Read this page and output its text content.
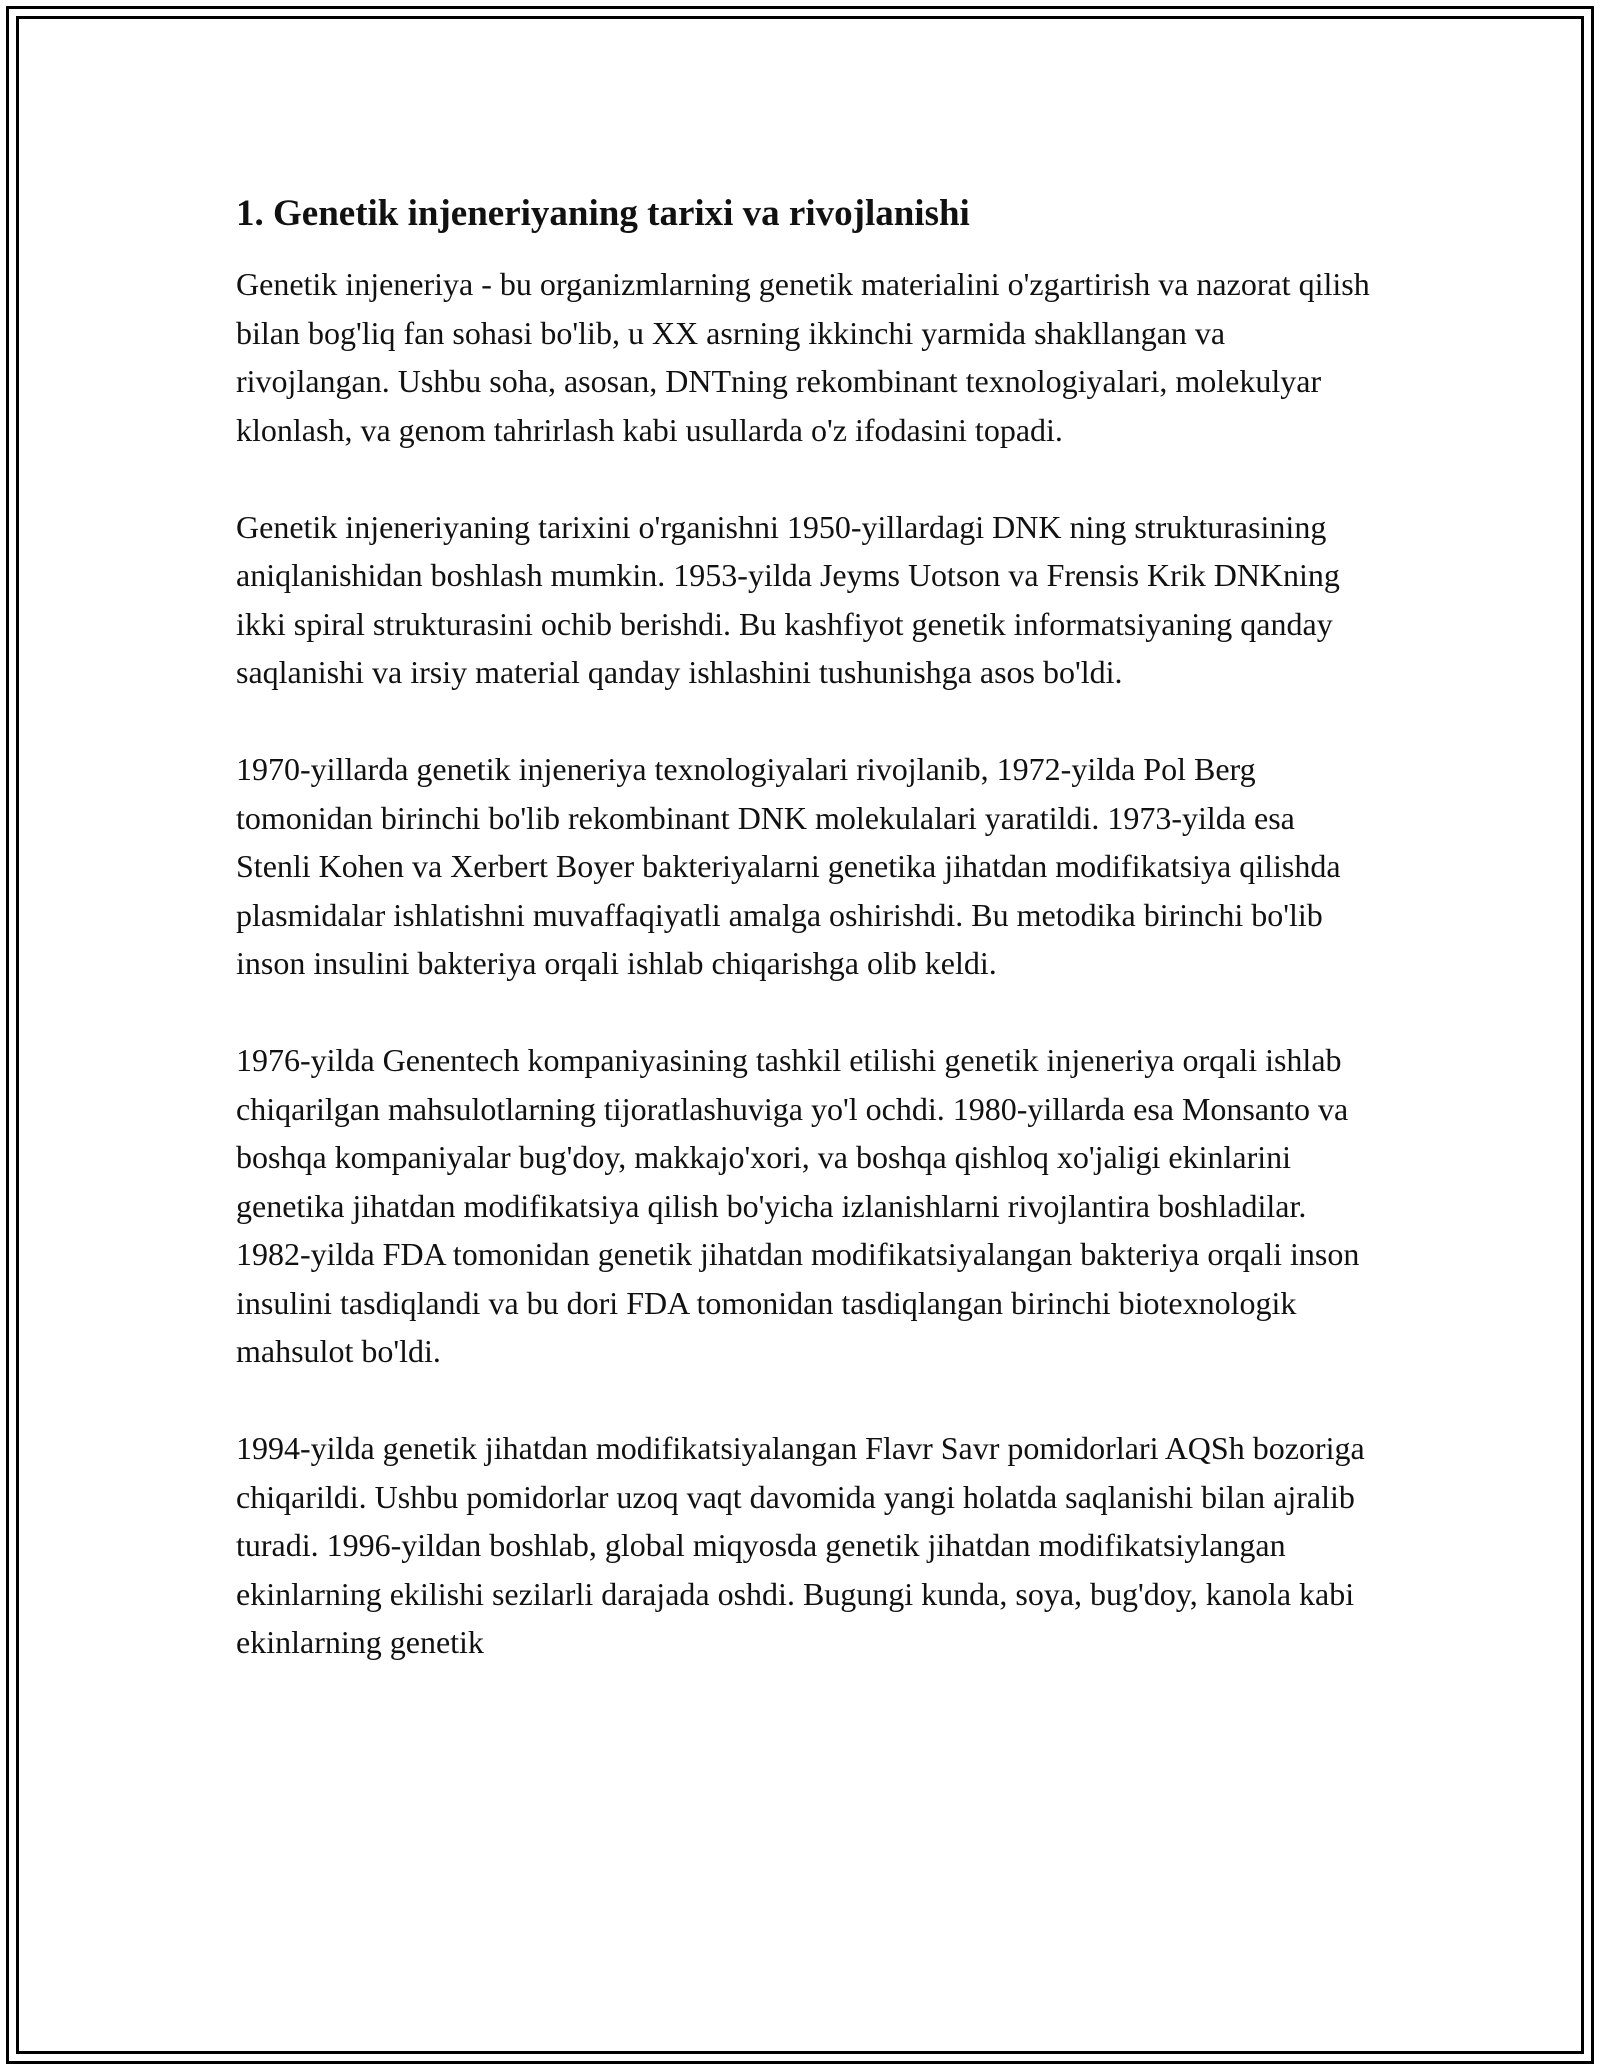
1. Genetik injeneriyaning tarixi va rivojlanishi

Genetik injeneriya - bu organizmlarning genetik materialini o'zgartirish va nazorat qilish bilan bog'liq fan sohasi bo'lib, u XX asrning ikkinchi yarmida shakllangan va rivojlangan. Ushbu soha, asosan, DNTning rekombinant texnologiyalari, molekulyar klonlash, va genom tahrirlash kabi usullarda o'z ifodasini topadi.

Genetik injeneriyaning tarixini o'rganishni 1950-yillardagi DNK ning strukturasining aniqlanishidan boshlash mumkin. 1953-yilda Jeyms Uotson va Frensis Krik DNKning ikki spiral strukturasini ochib berishdi. Bu kashfiyot genetik informatsiyaning qanday saqlanishi va irsiy material qanday ishlashini tushunishga asos bo'ldi.

1970-yillarda genetik injeneriya texnologiyalari rivojlanib, 1972-yilda Pol Berg tomonidan birinchi bo'lib rekombinant DNK molekulalari yaratildi. 1973-yilda esa Stenli Kohen va Xerbert Boyer bakteriyalarni genetika jihatdan modifikatsiya qilishda plasmidalar ishlatishni muvaffaqiyatli amalga oshirishdi. Bu metodika birinchi bo'lib inson insulini bakteriya orqali ishlab chiqarishga olib keldi.

1976-yilda Genentech kompaniyasining tashkil etilishi genetik injeneriya orqali ishlab chiqarilgan mahsulotlarning tijoratlashuviga yo'l ochdi. 1980-yillarda esa Monsanto va boshqa kompaniyalar bug'doy, makkajo'xori, va boshqa qishloq xo'jaligi ekinlarini genetika jihatdan modifikatsiya qilish bo'yicha izlanishlarni rivojlantira boshladilar. 1982-yilda FDA tomonidan genetik jihatdan modifikatsiyalangan bakteriya orqali inson insulini tasdiqlandi va bu dori FDA tomonidan tasdiqlangan birinchi biotexnologik mahsulot bo'ldi.

1994-yilda genetik jihatdan modifikatsiyalangan Flavr Savr pomidorlari AQSh bozoriga chiqarildi. Ushbu pomidorlar uzoq vaqt davomida yangi holatda saqlanishi bilan ajralib turadi. 1996-yildan boshlab, global miqyosda genetik jihatdan modifikatsiylangan ekinlarning ekilishi sezilarli darajada oshdi. Bugungi kunda, soya, bug'doy, kanola kabi ekinlarning genetik
